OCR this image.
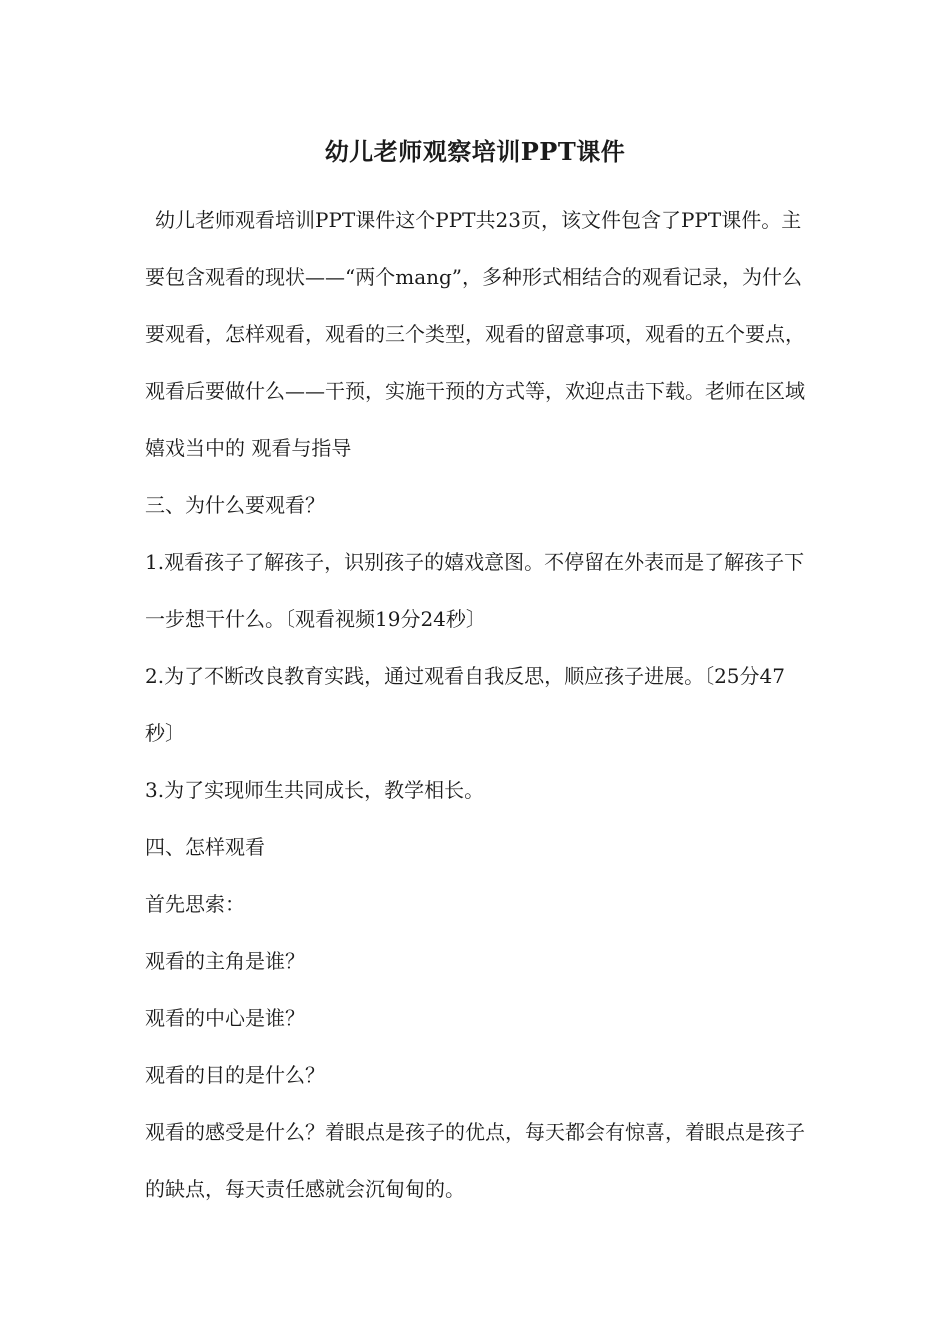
幼儿老师观察培训PPT课件

幼儿老师观看培训PPT课件这个PPT共23页，该文件包含了PPT课件。主要包含观看的现状——“两个mang”，多种形式相结合的观看记录，为什么要观看，怎样观看，观看的三个类型，观看的留意事项，观看的五个要点，观看后要做什么——干预，实施干预的方式等，欢迎点击下载。老师在区域嬉戏当中的 观看与指导

三、为什么要观看？

1.观看孩子了解孩子，识别孩子的嬉戏意图。不停留在外表而是了解孩子下一步想干什么。〔观看视频19分24秒〕

2.为了不断改良教育实践，通过观看自我反思，顺应孩子进展。〔25分47秒〕

3.为了实现师生共同成长，教学相长。

四、怎样观看

首先思索：

观看的主角是谁？

观看的中心是谁？

观看的目的是什么？

观看的感受是什么？着眼点是孩子的优点，每天都会有惊喜，着眼点是孩子的缺点，每天责任感就会沉甸甸的。
